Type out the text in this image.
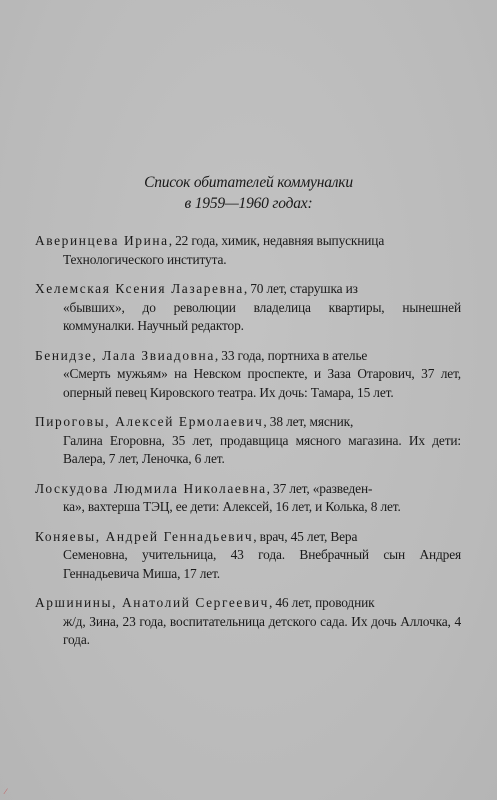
Список обитателей коммуналки
в 1959—1960 годах:

Аверинцева Ирина, 22 года, химик, недавняя выпускница
Технологического института.

Хелемская Ксения Лазаревна, 70 лет, старушка из
«бывших», до революции владелица квартиры, нынешней коммуналки. Научный редактор.

Бенидзе, Лала Звиадовна, 33 года, портниха в ателье
«Смерть мужьям» на Невском проспекте, и Заза Отарович, 37 лет, оперный певец Кировского театра. Их дочь: Тамара, 15 лет.

Пироговы, Алексей Ермолаевич, 38 лет, мясник,
Галина Егоровна, 35 лет, продавщица мясного магазина. Их дети: Валера, 7 лет, Леночка, 6 лет.

Лоскудова Людмила Николаевна, 37 лет, «разведен-
ка», вахтерша ТЭЦ, ее дети: Алексей, 16 лет, и Колька, 8 лет.

Коняевы, Андрей Геннадьевич, врач, 45 лет, Вера
Семеновна, учительница, 43 года. Внебрачный сын Андрея Геннадьевича Миша, 17 лет.

Аршинины, Анатолий Сергеевич, 46 лет, проводник
ж/д, Зина, 23 года, воспитательница детского сада. Их дочь Аллочка, 4 года.

⁄
